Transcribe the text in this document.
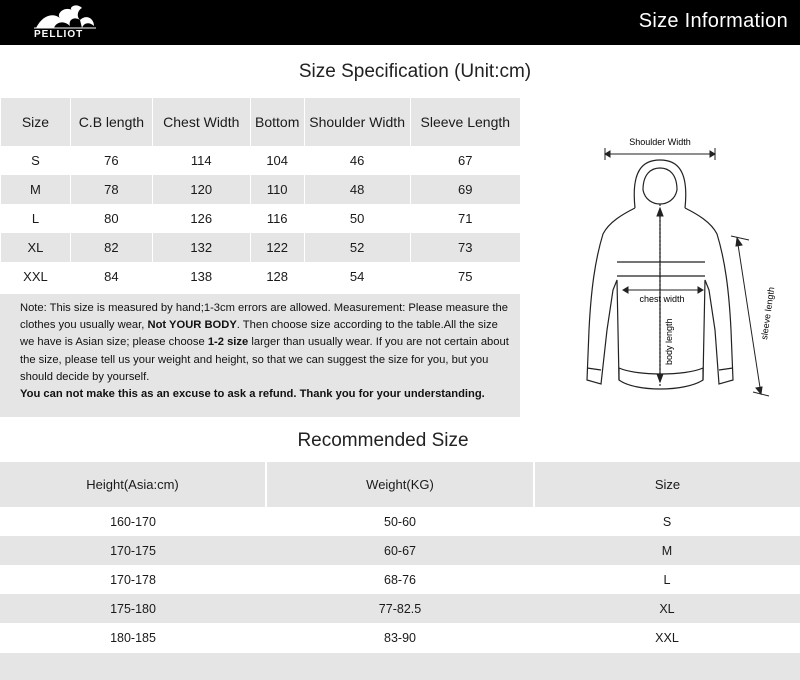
PELLIOT
Size Information
Size Specification (Unit:cm)
Size	C.B length	Chest Width	Bottom	Shoulder Width	Sleeve Length
S	76	114	104	46	67
M	78	120	110	48	69
L	80	126	116	50	71
XL	82	132	122	52	73
XXL	84	138	128	54	75
Note: This size is measured by hand;1-3cm errors are allowed. Measurement: Please measure the clothes you usually wear, Not YOUR BODY. Then choose size according to the table.All the size we have is Asian size; please choose 1-2 size larger than usually wear. If you are not certain about the size, please tell us your weight and height, so that we can suggest the size for you, but you should decide by yourself.
You can not make this as an excuse to ask a refund. Thank you for your understanding.
Shoulder Width
chest width
body length
sleeve length
Recommended Size
Height(Asia:cm)	Weight(KG)	Size
160-170	50-60	S
170-175	60-67	M
170-178	68-76	L
175-180	77-82.5	XL
180-185	83-90	XXL
